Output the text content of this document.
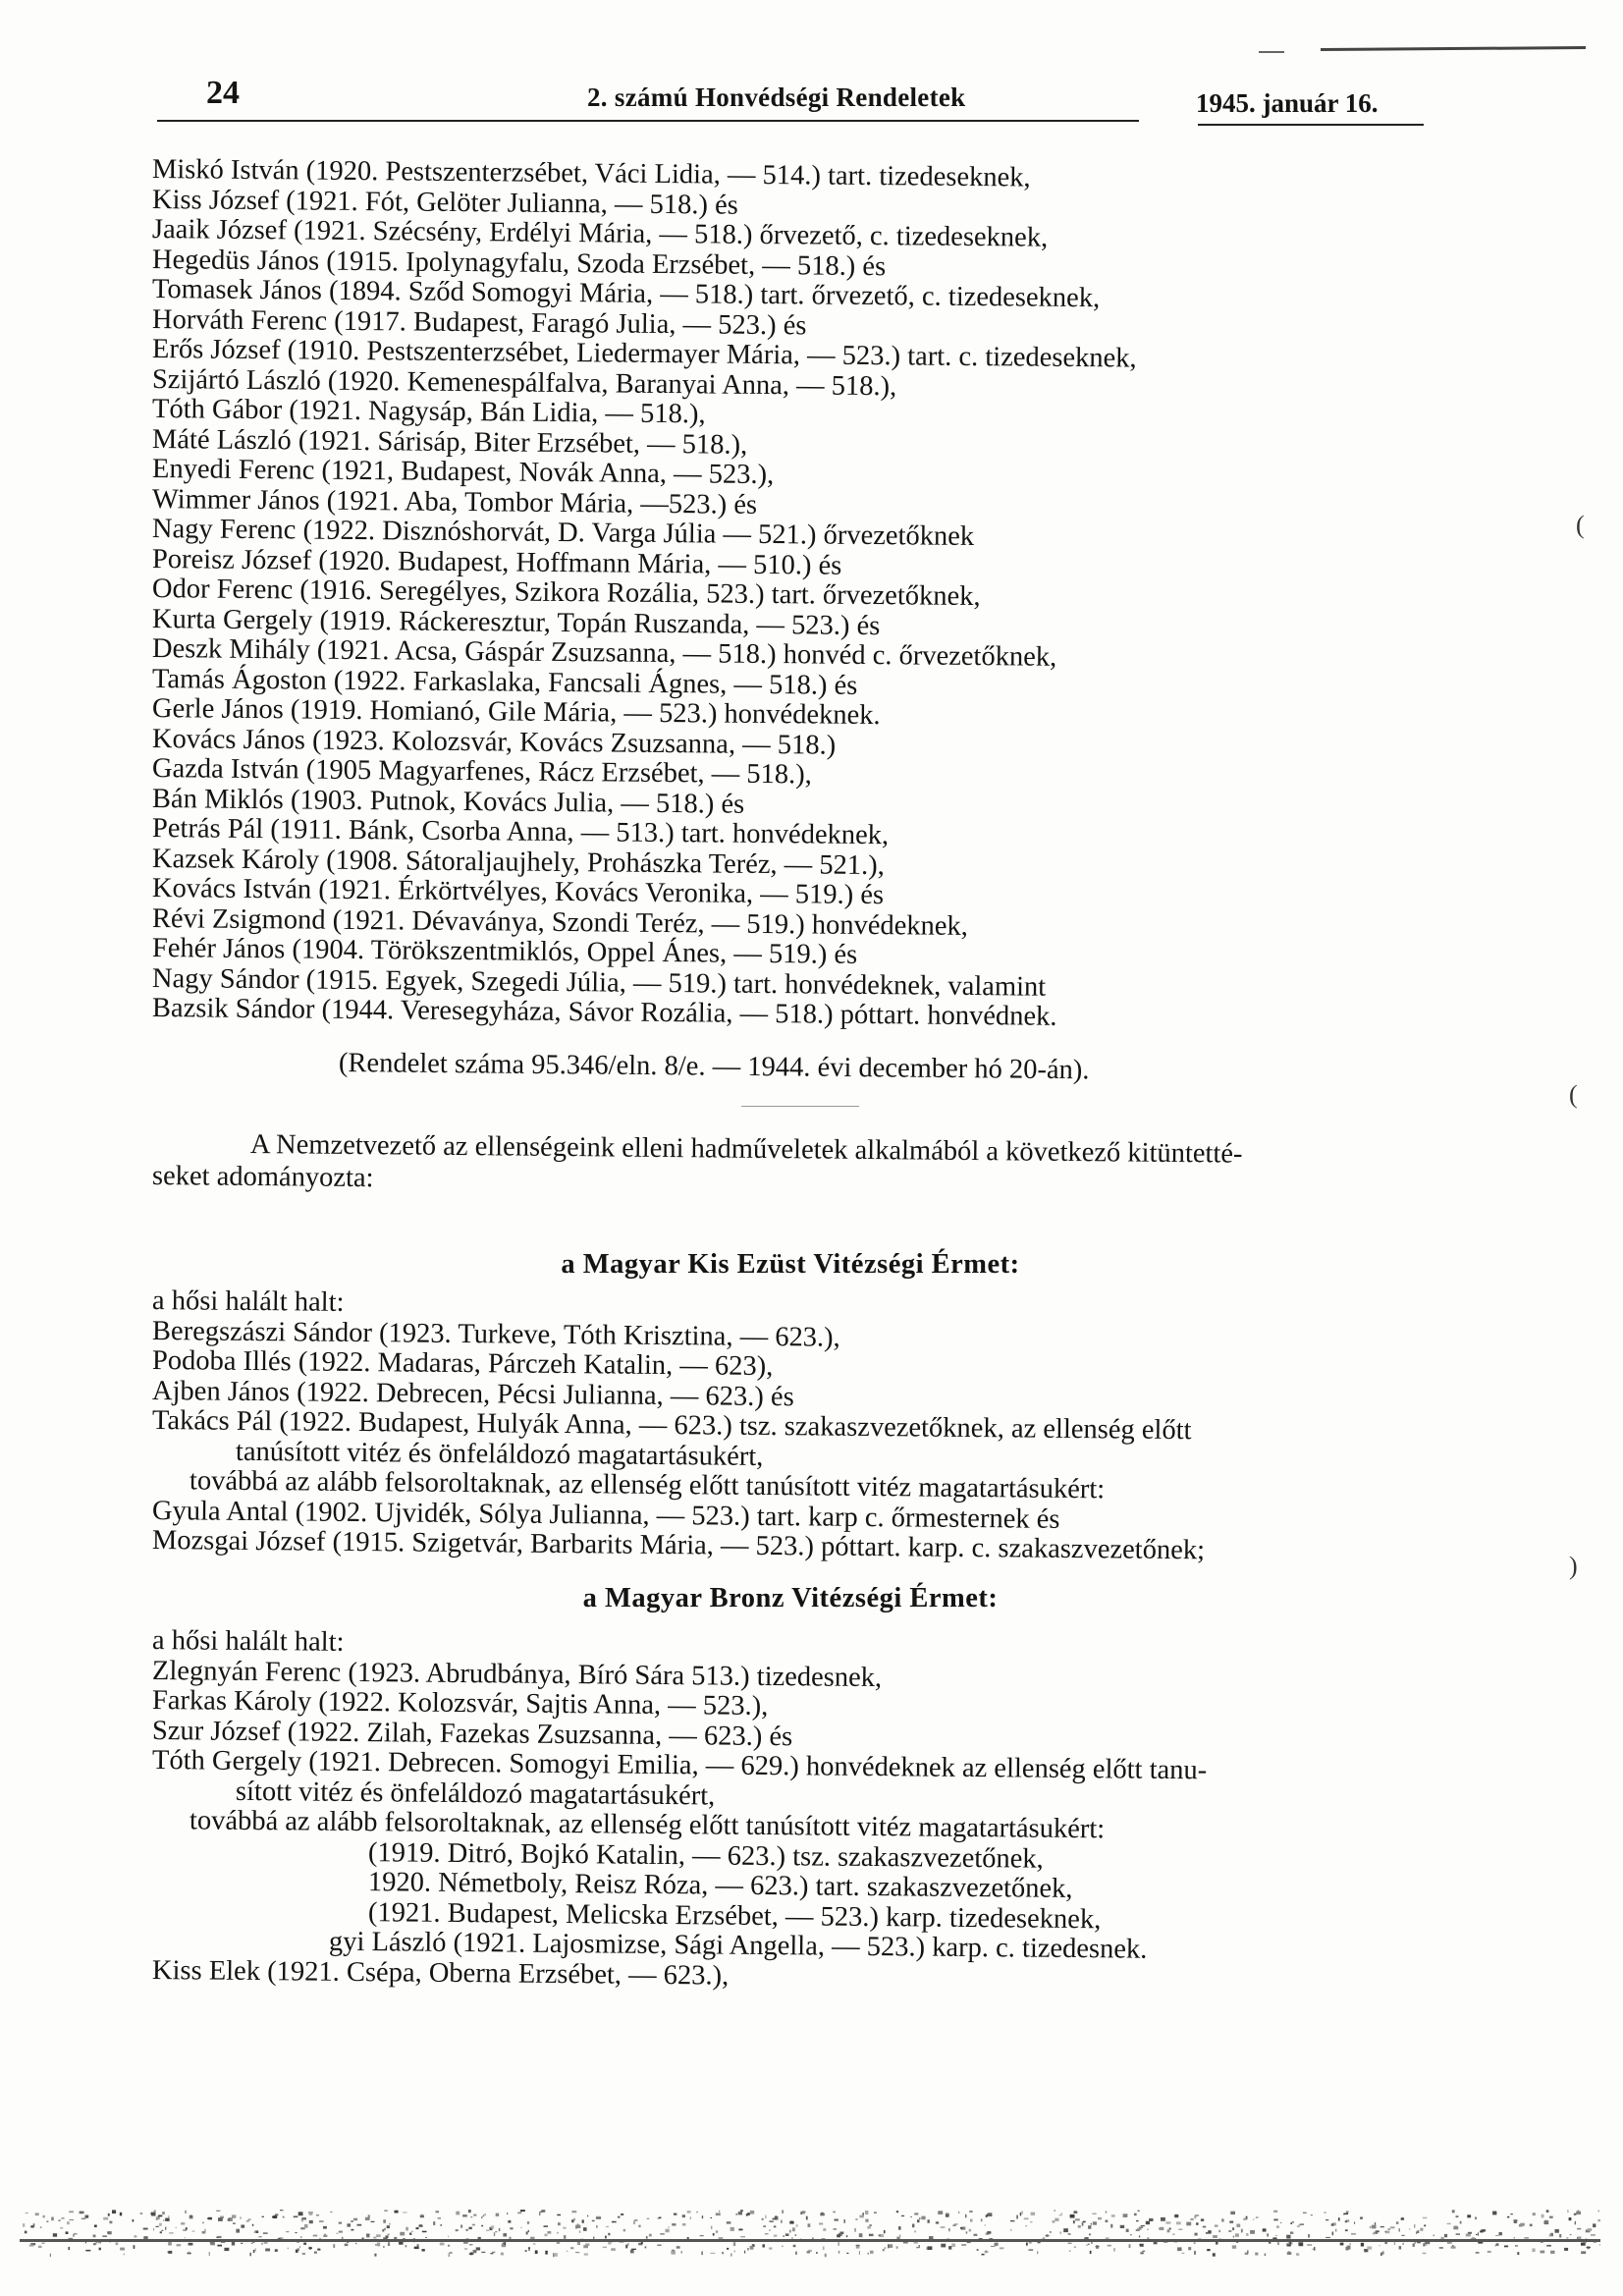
24	2. számú Honvédségi Rendeletek	1945. január 16.
Miskó István (1920. Pestszenterzsébet, Váci Lidia, — 514.) tart. tizedeseknek,
Kiss József (1921. Fót, Gelöter Julianna, — 518.) és
Jaaik József (1921. Szécsény, Erdélyi Mária, — 518.) őrvezető, c. tizedeseknek,
Hegedüs János (1915. Ipolynagyfalu, Szoda Erzsébet, — 518.) és
Tomasek János (1894. Sződ Somogyi Mária, — 518.) tart. őrvezető, c. tizedeseknek,
Horváth Ferenc (1917. Budapest, Faragó Julia, — 523.) és
Erős József (1910. Pestszenterzsébet, Liedermayer Mária, — 523.) tart. c. tizedeseknek,
Szijártó László (1920. Kemenespálfalva, Baranyai Anna, — 518.),
Tóth Gábor (1921. Nagysáp, Bán Lidia, — 518.),
Máté László (1921. Sárisáp, Biter Erzsébet, — 518.),
Enyedi Ferenc (1921, Budapest, Novák Anna, — 523.),
Wimmer János (1921. Aba, Tombor Mária, —523.) és
Nagy Ferenc (1922. Disznóshorvát, D. Varga Júlia — 521.) őrvezetőknek
Poreisz József (1920. Budapest, Hoffmann Mária, — 510.) és
Odor Ferenc (1916. Seregélyes, Szikora Rozália, 523.) tart. őrvezetőknek,
Kurta Gergely (1919. Ráckeresztur, Topán Ruszanda, — 523.) és
Deszk Mihály (1921. Acsa, Gáspár Zsuzsanna, — 518.) honvéd c. őrvezetőknek,
Tamás Ágoston (1922. Farkaslaka, Fancsali Ágnes, — 518.) és
Gerle János (1919. Homianó, Gile Mária, — 523.) honvédeknek.
Kovács János (1923. Kolozsvár, Kovács Zsuzsanna, — 518.)
Gazda István (1905 Magyarfenes, Rácz Erzsébet, — 518.),
Bán Miklós (1903. Putnok, Kovács Julia, — 518.) és
Petrás Pál (1911. Bánk, Csorba Anna, — 513.) tart. honvédeknek,
Kazsek Károly (1908. Sátoraljaujhely, Prohászka Teréz, — 521.),
Kovács István (1921. Érkörtvélyes, Kovács Veronika, — 519.) és
Révi Zsigmond (1921. Dévaványa, Szondi Teréz, — 519.) honvédeknek,
Fehér János (1904. Törökszentmiklós, Oppel Ánes, — 519.) és
Nagy Sándor (1915. Egyek, Szegedi Júlia, — 519.) tart. honvédeknek, valamint
Bazsik Sándor (1944. Veresegyháza, Sávor Rozália, — 518.) póttart. honvédnek.
(Rendelet száma 95.346/eln. 8/e. — 1944. évi december hó 20-án).
A Nemzetvezető az ellenségeink elleni hadműveletek alkalmából a következő kitüntetté-
seket adományozta:
a Magyar Kis Ezüst Vitézségi Érmet:
a hősi halált halt:
Beregszászi Sándor (1923. Turkeve, Tóth Krisztina, — 623.),
Podoba Illés (1922. Madaras, Párczeh Katalin, — 623),
Ajben János (1922. Debrecen, Pécsi Julianna, — 623.) és
Takács Pál (1922. Budapest, Hulyák Anna, — 623.) tsz. szakaszvezetőknek, az ellenség előtt
tanúsított vitéz és önfeláldozó magatartásukért,
továbbá az alább felsoroltaknak, az ellenség előtt tanúsított vitéz magatartásukért:
Gyula Antal (1902. Ujvidék, Sólya Julianna, — 523.) tart. karp c. őrmesternek és
Mozsgai József (1915. Szigetvár, Barbarits Mária, — 523.) póttart. karp. c. szakaszvezetőnek;
a Magyar Bronz Vitézségi Érmet:
a hősi halált halt:
Zlegnyán Ferenc (1923. Abrudbánya, Bíró Sára 513.) tizedesnek,
Farkas Károly (1922. Kolozsvár, Sajtis Anna, — 523.),
Szur József (1922. Zilah, Fazekas Zsuzsanna, — 623.) és
Tóth Gergely (1921. Debrecen. Somogyi Emilia, — 629.) honvédeknek az ellenség előtt tanu-
sított vitéz és önfeláldozó magatartásukért,
továbbá az alább felsoroltaknak, az ellenség előtt tanúsított vitéz magatartásukért:
(1919. Ditró, Bojkó Katalin, — 623.) tsz. szakaszvezetőnek,
1920. Németboly, Reisz Róza, — 623.) tart. szakaszvezetőnek,
(1921. Budapest, Melicska Erzsébet, — 523.) karp. tizedeseknek,
gyi László (1921. Lajosmizse, Sági Angella, — 523.) karp. c. tizedesnek.
Kiss Elek (1921. Csépa, Oberna Erzsébet, — 623.),
(
(
)
